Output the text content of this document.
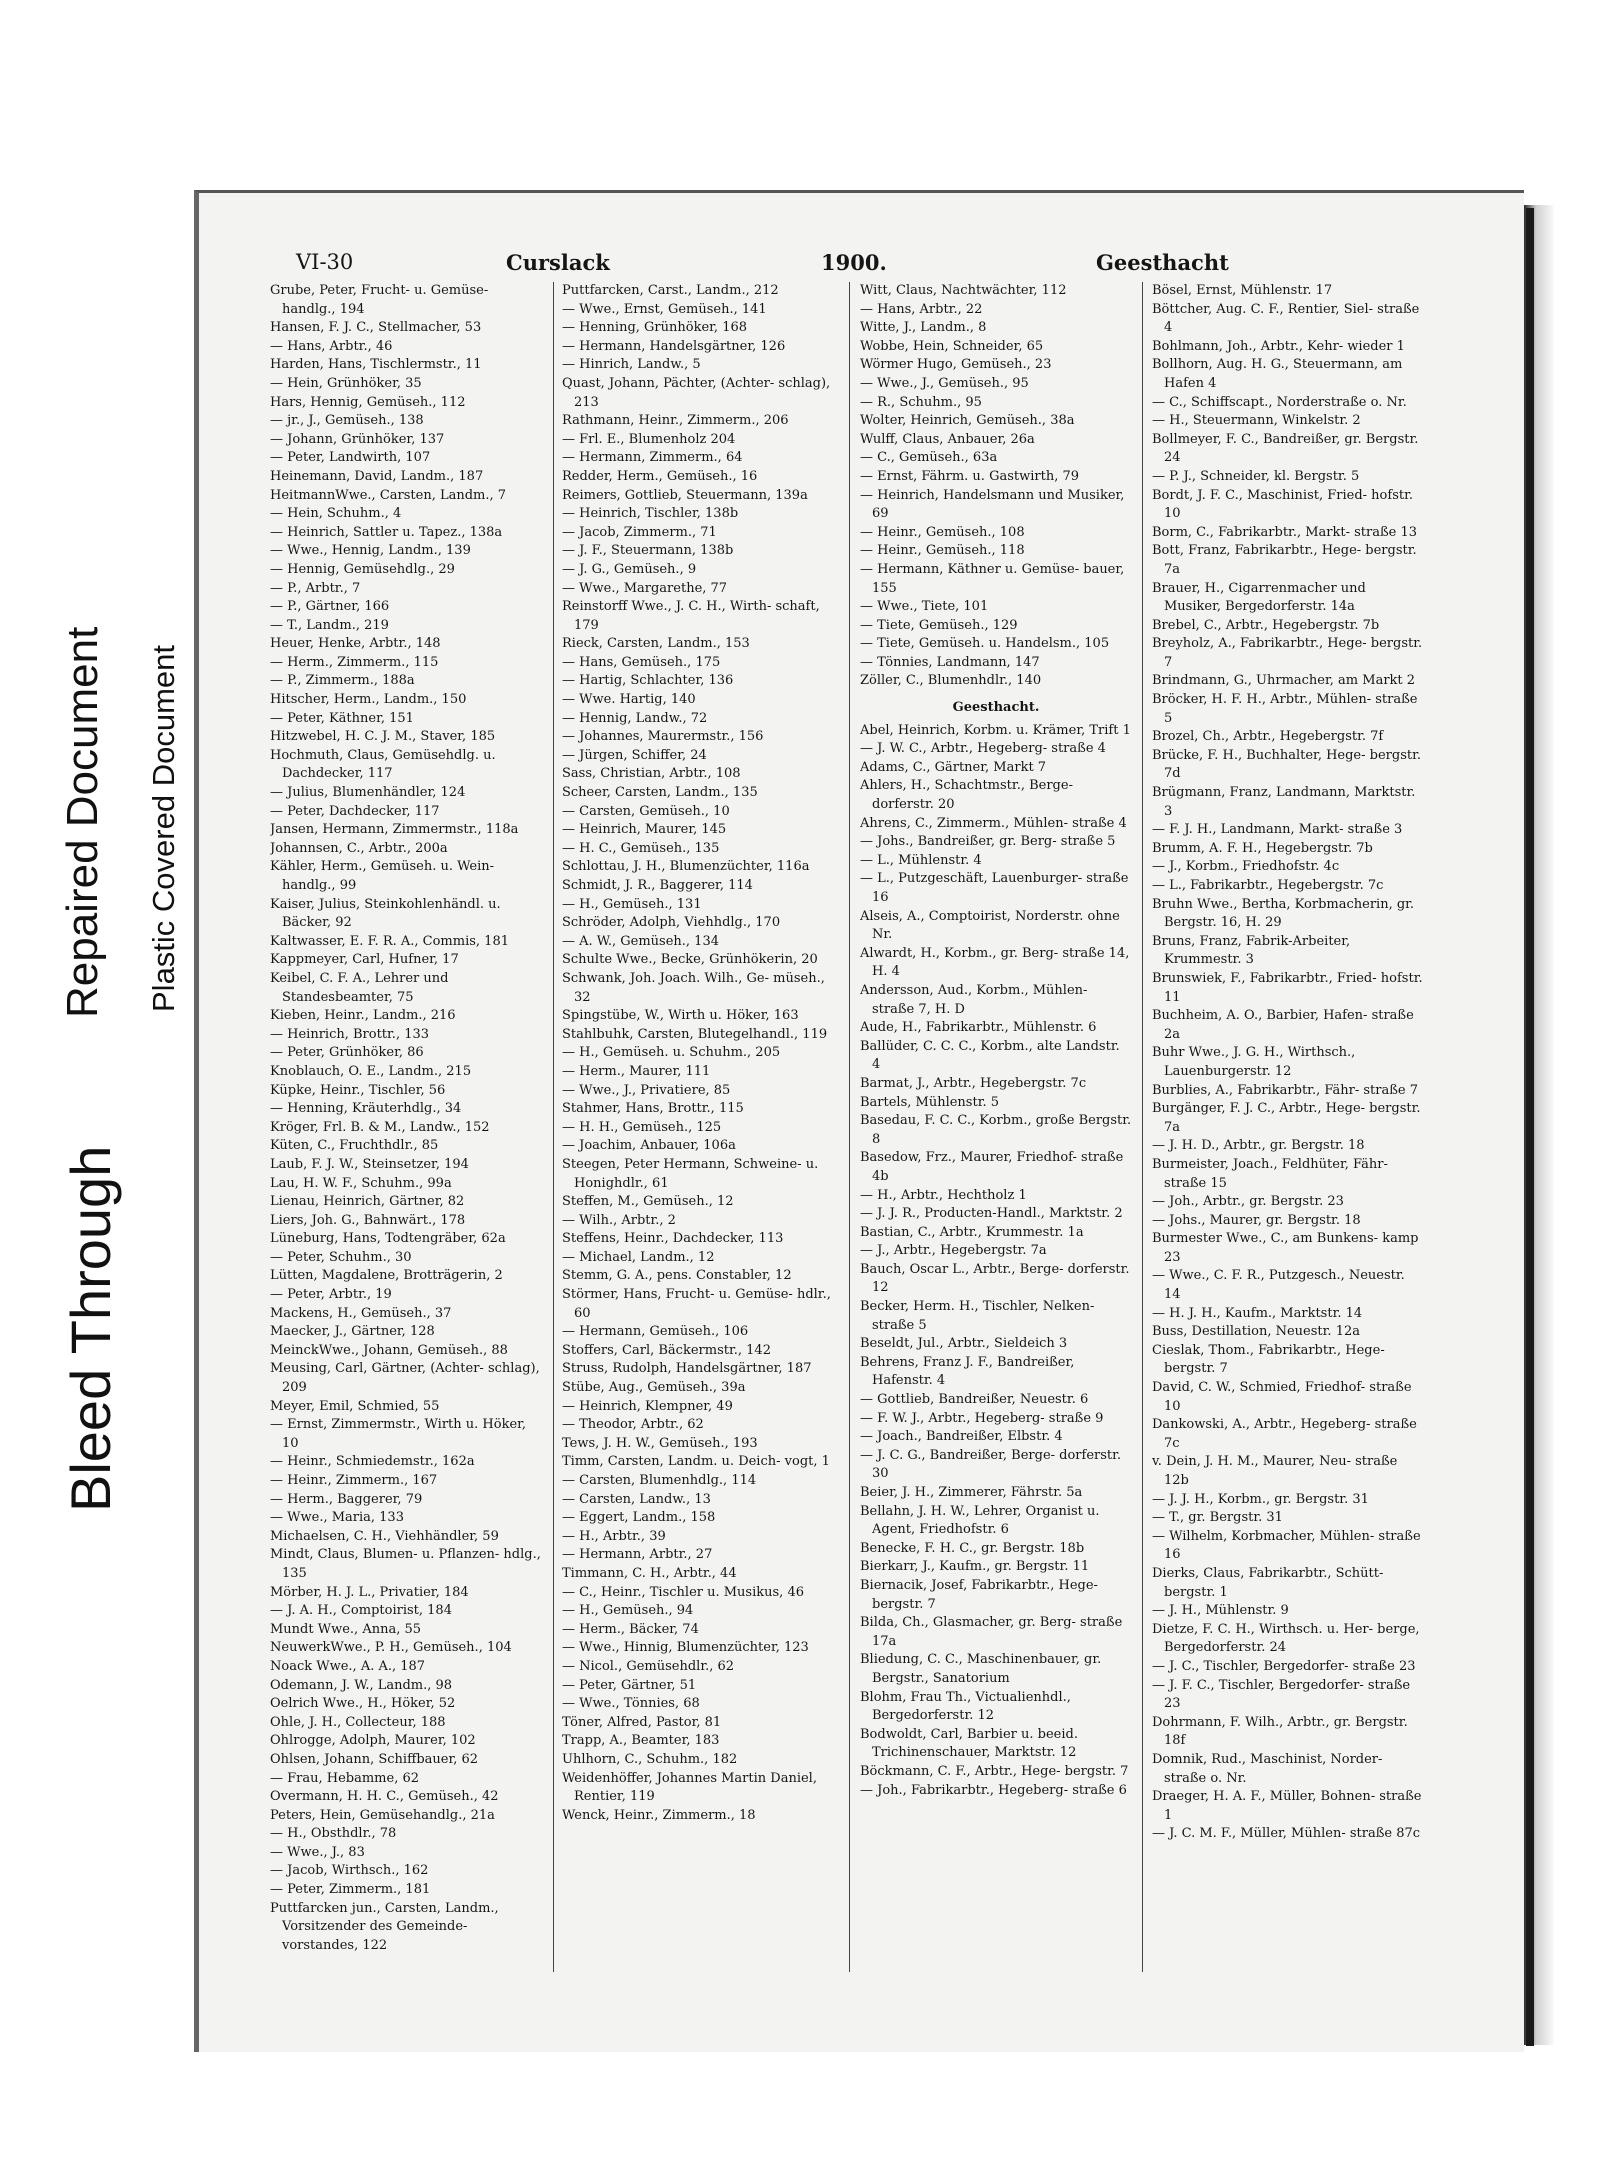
Bleed Through
Repaired Document Plastic Covered Document
VI-30	Curslack	1900.	Geesthacht

Grube, Peter, Frucht- u. Gemüse- handlg., 194

Hansen, F. J. C., Stellmacher, 53

— Hans, Arbtr., 46

Harden, Hans, Tischlermstr., 11

— Hein, Grünhöker, 35

Hars, Hennig, Gemüseh., 112

— jr., J., Gemüseh., 138

— Johann, Grünhöker, 137

— Peter, Landwirth, 107

Heinemann, David, Landm., 187

HeitmannWwe., Carsten, Landm., 7

— Hein, Schuhm., 4

— Heinrich, Sattler u. Tapez., 138a

— Wwe., Hennig, Landm., 139

— Hennig, Gemüsehdlg., 29

— P., Arbtr., 7

— P., Gärtner, 166

— T., Landm., 219

Heuer, Henke, Arbtr., 148

— Herm., Zimmerm., 115

— P., Zimmerm., 188a

Hitscher, Herm., Landm., 150

— Peter, Käthner, 151

Hitzwebel, H. C. J. M., Staver, 185

Hochmuth, Claus, Gemüsehdlg. u. Dachdecker, 117

— Julius, Blumenhändler, 124

— Peter, Dachdecker, 117

Jansen, Hermann, Zimmermstr., 118a

Johannsen, C., Arbtr., 200a

Kähler, Herm., Gemüseh. u. Wein- handlg., 99

Kaiser, Julius, Steinkohlenhändl. u. Bäcker, 92

Kaltwasser, E. F. R. A., Commis, 181

Kappmeyer, Carl, Hufner, 17

Keibel, C. F. A., Lehrer und Standesbeamter, 75

Kieben, Heinr., Landm., 216

— Heinrich, Brottr., 133

— Peter, Grünhöker, 86

Knoblauch, O. E., Landm., 215

Küpke, Heinr., Tischler, 56

— Henning, Kräuterhdlg., 34

Kröger, Frl. B. & M., Landw., 152

Küten, C., Fruchthdlr., 85

Laub, F. J. W., Steinsetzer, 194

Lau, H. W. F., Schuhm., 99a

Lienau, Heinrich, Gärtner, 82

Liers, Joh. G., Bahnwärt., 178

Lüneburg, Hans, Todtengräber, 62a

— Peter, Schuhm., 30

Lütten, Magdalene, Brotträgerin, 2

— Peter, Arbtr., 19

Mackens, H., Gemüseh., 37

Maecker, J., Gärtner, 128

MeinckWwe., Johann, Gemüseh., 88

Meusing, Carl, Gärtner, (Achter- schlag), 209

Meyer, Emil, Schmied, 55

— Ernst, Zimmermstr., Wirth u. Höker, 10

— Heinr., Schmiedemstr., 162a

— Heinr., Zimmerm., 167

— Herm., Baggerer, 79

— Wwe., Maria, 133

Michaelsen, C. H., Viehhändler, 59

Mindt, Claus, Blumen- u. Pflanzen- hdlg., 135

Mörber, H. J. L., Privatier, 184

— J. A. H., Comptoirist, 184

Mundt Wwe., Anna, 55

NeuwerkWwe., P. H., Gemüseh., 104

Noack Wwe., A. A., 187

Odemann, J. W., Landm., 98

Oelrich Wwe., H., Höker, 52

Ohle, J. H., Collecteur, 188

Ohlrogge, Adolph, Maurer, 102

Ohlsen, Johann, Schiffbauer, 62

— Frau, Hebamme, 62

Overmann, H. H. C., Gemüseh., 42

Peters, Hein, Gemüsehandlg., 21a

— H., Obsthdlr., 78

— Wwe., J., 83

— Jacob, Wirthsch., 162

— Peter, Zimmerm., 181

Puttfarcken jun., Carsten, Landm., Vorsitzender des Gemeinde- vorstandes, 122

Puttfarcken, Carst., Landm., 212

— Wwe., Ernst, Gemüseh., 141

— Henning, Grünhöker, 168

— Hermann, Handelsgärtner, 126

— Hinrich, Landw., 5

Quast, Johann, Pächter, (Achter- schlag), 213

Rathmann, Heinr., Zimmerm., 206

— Frl. E., Blumenholz 204

— Hermann, Zimmerm., 64

Redder, Herm., Gemüseh., 16

Reimers, Gottlieb, Steuermann, 139a

— Heinrich, Tischler, 138b

— Jacob, Zimmerm., 71

— J. F., Steuermann, 138b

— J. G., Gemüseh., 9

— Wwe., Margarethe, 77

Reinstorff Wwe., J. C. H., Wirth- schaft, 179

Rieck, Carsten, Landm., 153

— Hans, Gemüseh., 175

— Hartig, Schlachter, 136

— Wwe. Hartig, 140

— Hennig, Landw., 72

— Johannes, Maurermstr., 156

— Jürgen, Schiffer, 24

Sass, Christian, Arbtr., 108

Scheer, Carsten, Landm., 135

— Carsten, Gemüseh., 10

— Heinrich, Maurer, 145

— H. C., Gemüseh., 135

Schlottau, J. H., Blumenzüchter, 116a

Schmidt, J. R., Baggerer, 114

— H., Gemüseh., 131

Schröder, Adolph, Viehhdlg., 170

— A. W., Gemüseh., 134

Schulte Wwe., Becke, Grünhökerin, 20

Schwank, Joh. Joach. Wilh., Ge- müseh., 32

Spingstübe, W., Wirth u. Höker, 163

Stahlbuhk, Carsten, Blutegelhandl., 119

— H., Gemüseh. u. Schuhm., 205

— Herm., Maurer, 111

— Wwe., J., Privatiere, 85

Stahmer, Hans, Brottr., 115

— H. H., Gemüseh., 125

— Joachim, Anbauer, 106a

Steegen, Peter Hermann, Schweine- u. Honighdlr., 61

Steffen, M., Gemüseh., 12

— Wilh., Arbtr., 2

Steffens, Heinr., Dachdecker, 113

— Michael, Landm., 12

Stemm, G. A., pens. Constabler, 12

Störmer, Hans, Frucht- u. Gemüse- hdlr., 60

— Hermann, Gemüseh., 106

Stoffers, Carl, Bäckermstr., 142

Struss, Rudolph, Handelsgärtner, 187

Stübe, Aug., Gemüseh., 39a

— Heinrich, Klempner, 49

— Theodor, Arbtr., 62

Tews, J. H. W., Gemüseh., 193

Timm, Carsten, Landm. u. Deich- vogt, 1

— Carsten, Blumenhdlg., 114

— Carsten, Landw., 13

— Eggert, Landm., 158

— H., Arbtr., 39

— Hermann, Arbtr., 27

Timmann, C. H., Arbtr., 44

— C., Heinr., Tischler u. Musikus, 46

— H., Gemüseh., 94

— Herm., Bäcker, 74

— Wwe., Hinnig, Blumenzüchter, 123

— Nicol., Gemüsehdlr., 62

— Peter, Gärtner, 51

— Wwe., Tönnies, 68

Töner, Alfred, Pastor, 81

Trapp, A., Beamter, 183

Uhlhorn, C., Schuhm., 182

Weidenhöffer, Johannes Martin Daniel, Rentier, 119

Wenck, Heinr., Zimmerm., 18

Witt, Claus, Nachtwächter, 112

— Hans, Arbtr., 22

Witte, J., Landm., 8

Wobbe, Hein, Schneider, 65

Wörmer Hugo, Gemüseh., 23

— Wwe., J., Gemüseh., 95

— R., Schuhm., 95

Wolter, Heinrich, Gemüseh., 38a

Wulff, Claus, Anbauer, 26a

— C., Gemüseh., 63a

— Ernst, Fährm. u. Gastwirth, 79

— Heinrich, Handelsmann und Musiker, 69

— Heinr., Gemüseh., 108

— Heinr., Gemüseh., 118

— Hermann, Käthner u. Gemüse- bauer, 155

— Wwe., Tiete, 101

— Tiete, Gemüseh., 129

— Tiete, Gemüseh. u. Handelsm., 105

— Tönnies, Landmann, 147

Zöller, C., Blumenhdlr., 140

Geesthacht.

Abel, Heinrich, Korbm. u. Krämer, Trift 1

— J. W. C., Arbtr., Hegeberg- straße 4

Adams, C., Gärtner, Markt 7

Ahlers, H., Schachtmstr., Berge- dorferstr. 20

Ahrens, C., Zimmerm., Mühlen- straße 4

— Johs., Bandreißer, gr. Berg- straße 5

— L., Mühlenstr. 4

— L., Putzgeschäft, Lauenburger- straße 16

Alseis, A., Comptoirist, Norderstr. ohne Nr.

Alwardt, H., Korbm., gr. Berg- straße 14, H. 4

Andersson, Aud., Korbm., Mühlen- straße 7, H. D

Aude, H., Fabrikarbtr., Mühlenstr. 6

Ballüder, C. C. C., Korbm., alte Landstr. 4

Barmat, J., Arbtr., Hegebergstr. 7c

Bartels, Mühlenstr. 5

Basedau, F. C. C., Korbm., große Bergstr. 8

Basedow, Frz., Maurer, Friedhof- straße 4b

— H., Arbtr., Hechtholz 1

— J. J. R., Producten-Handl., Marktstr. 2

Bastian, C., Arbtr., Krummestr. 1a

— J., Arbtr., Hegebergstr. 7a

Bauch, Oscar L., Arbtr., Berge- dorferstr. 12

Becker, Herm. H., Tischler, Nelken- straße 5

Beseldt, Jul., Arbtr., Sieldeich 3

Behrens, Franz J. F., Bandreißer, Hafenstr. 4

— Gottlieb, Bandreißer, Neuestr. 6

— F. W. J., Arbtr., Hegeberg- straße 9

— Joach., Bandreißer, Elbstr. 4

— J. C. G., Bandreißer, Berge- dorferstr. 30

Beier, J. H., Zimmerer, Fährstr. 5a

Bellahn, J. H. W., Lehrer, Organist u. Agent, Friedhofstr. 6

Benecke, F. H. C., gr. Bergstr. 18b

Bierkarr, J., Kaufm., gr. Bergstr. 11

Biernacik, Josef, Fabrikarbtr., Hege- bergstr. 7

Bilda, Ch., Glasmacher, gr. Berg- straße 17a

Bliedung, C. C., Maschinenbauer, gr. Bergstr., Sanatorium

Blohm, Frau Th., Victualienhdl., Bergedorferstr. 12

Bodwoldt, Carl, Barbier u. beeid. Trichinenschauer, Marktstr. 12

Böckmann, C. F., Arbtr., Hege- bergstr. 7

— Joh., Fabrikarbtr., Hegeberg- straße 6

Bösel, Ernst, Mühlenstr. 17

Böttcher, Aug. C. F., Rentier, Siel- straße 4

Bohlmann, Joh., Arbtr., Kehr- wieder 1

Bollhorn, Aug. H. G., Steuermann, am Hafen 4

— C., Schiffscapt., Norderstraße o. Nr.

— H., Steuermann, Winkelstr. 2

Bollmeyer, F. C., Bandreißer, gr. Bergstr. 24

— P. J., Schneider, kl. Bergstr. 5

Bordt, J. F. C., Maschinist, Fried- hofstr. 10

Borm, C., Fabrikarbtr., Markt- straße 13

Bott, Franz, Fabrikarbtr., Hege- bergstr. 7a

Brauer, H., Cigarrenmacher und Musiker, Bergedorferstr. 14a

Brebel, C., Arbtr., Hegebergstr. 7b

Breyholz, A., Fabrikarbtr., Hege- bergstr. 7

Brindmann, G., Uhrmacher, am Markt 2

Bröcker, H. F. H., Arbtr., Mühlen- straße 5

Brozel, Ch., Arbtr., Hegebergstr. 7f

Brücke, F. H., Buchhalter, Hege- bergstr. 7d

Brügmann, Franz, Landmann, Marktstr. 3

— F. J. H., Landmann, Markt- straße 3

Brumm, A. F. H., Hegebergstr. 7b

— J., Korbm., Friedhofstr. 4c

— L., Fabrikarbtr., Hegebergstr. 7c

Bruhn Wwe., Bertha, Korbmacherin, gr. Bergstr. 16, H. 29

Bruns, Franz, Fabrik-Arbeiter, Krummestr. 3

Brunswiek, F., Fabrikarbtr., Fried- hofstr. 11

Buchheim, A. O., Barbier, Hafen- straße 2a

Buhr Wwe., J. G. H., Wirthsch., Lauenburgerstr. 12

Burblies, A., Fabrikarbtr., Fähr- straße 7

Burgänger, F. J. C., Arbtr., Hege- bergstr. 7a

— J. H. D., Arbtr., gr. Bergstr. 18

Burmeister, Joach., Feldhüter, Fähr- straße 15

— Joh., Arbtr., gr. Bergstr. 23

— Johs., Maurer, gr. Bergstr. 18

Burmester Wwe., C., am Bunkens- kamp 23

— Wwe., C. F. R., Putzgesch., Neuestr. 14

— H. J. H., Kaufm., Marktstr. 14

Buss, Destillation, Neuestr. 12a

Cieslak, Thom., Fabrikarbtr., Hege- bergstr. 7

David, C. W., Schmied, Friedhof- straße 10

Dankowski, A., Arbtr., Hegeberg- straße 7c

v. Dein, J. H. M., Maurer, Neu- straße 12b

— J. J. H., Korbm., gr. Bergstr. 31

— T., gr. Bergstr. 31

— Wilhelm, Korbmacher, Mühlen- straße 16

Dierks, Claus, Fabrikarbtr., Schütt- bergstr. 1

— J. H., Mühlenstr. 9

Dietze, F. C. H., Wirthsch. u. Her- berge, Bergedorferstr. 24

— J. C., Tischler, Bergedorfer- straße 23

— J. F. C., Tischler, Bergedorfer- straße 23

Dohrmann, F. Wilh., Arbtr., gr. Bergstr. 18f

Domnik, Rud., Maschinist, Norder- straße o. Nr.

Draeger, H. A. F., Müller, Bohnen- straße 1

— J. C. M. F., Müller, Mühlen- straße 87c
